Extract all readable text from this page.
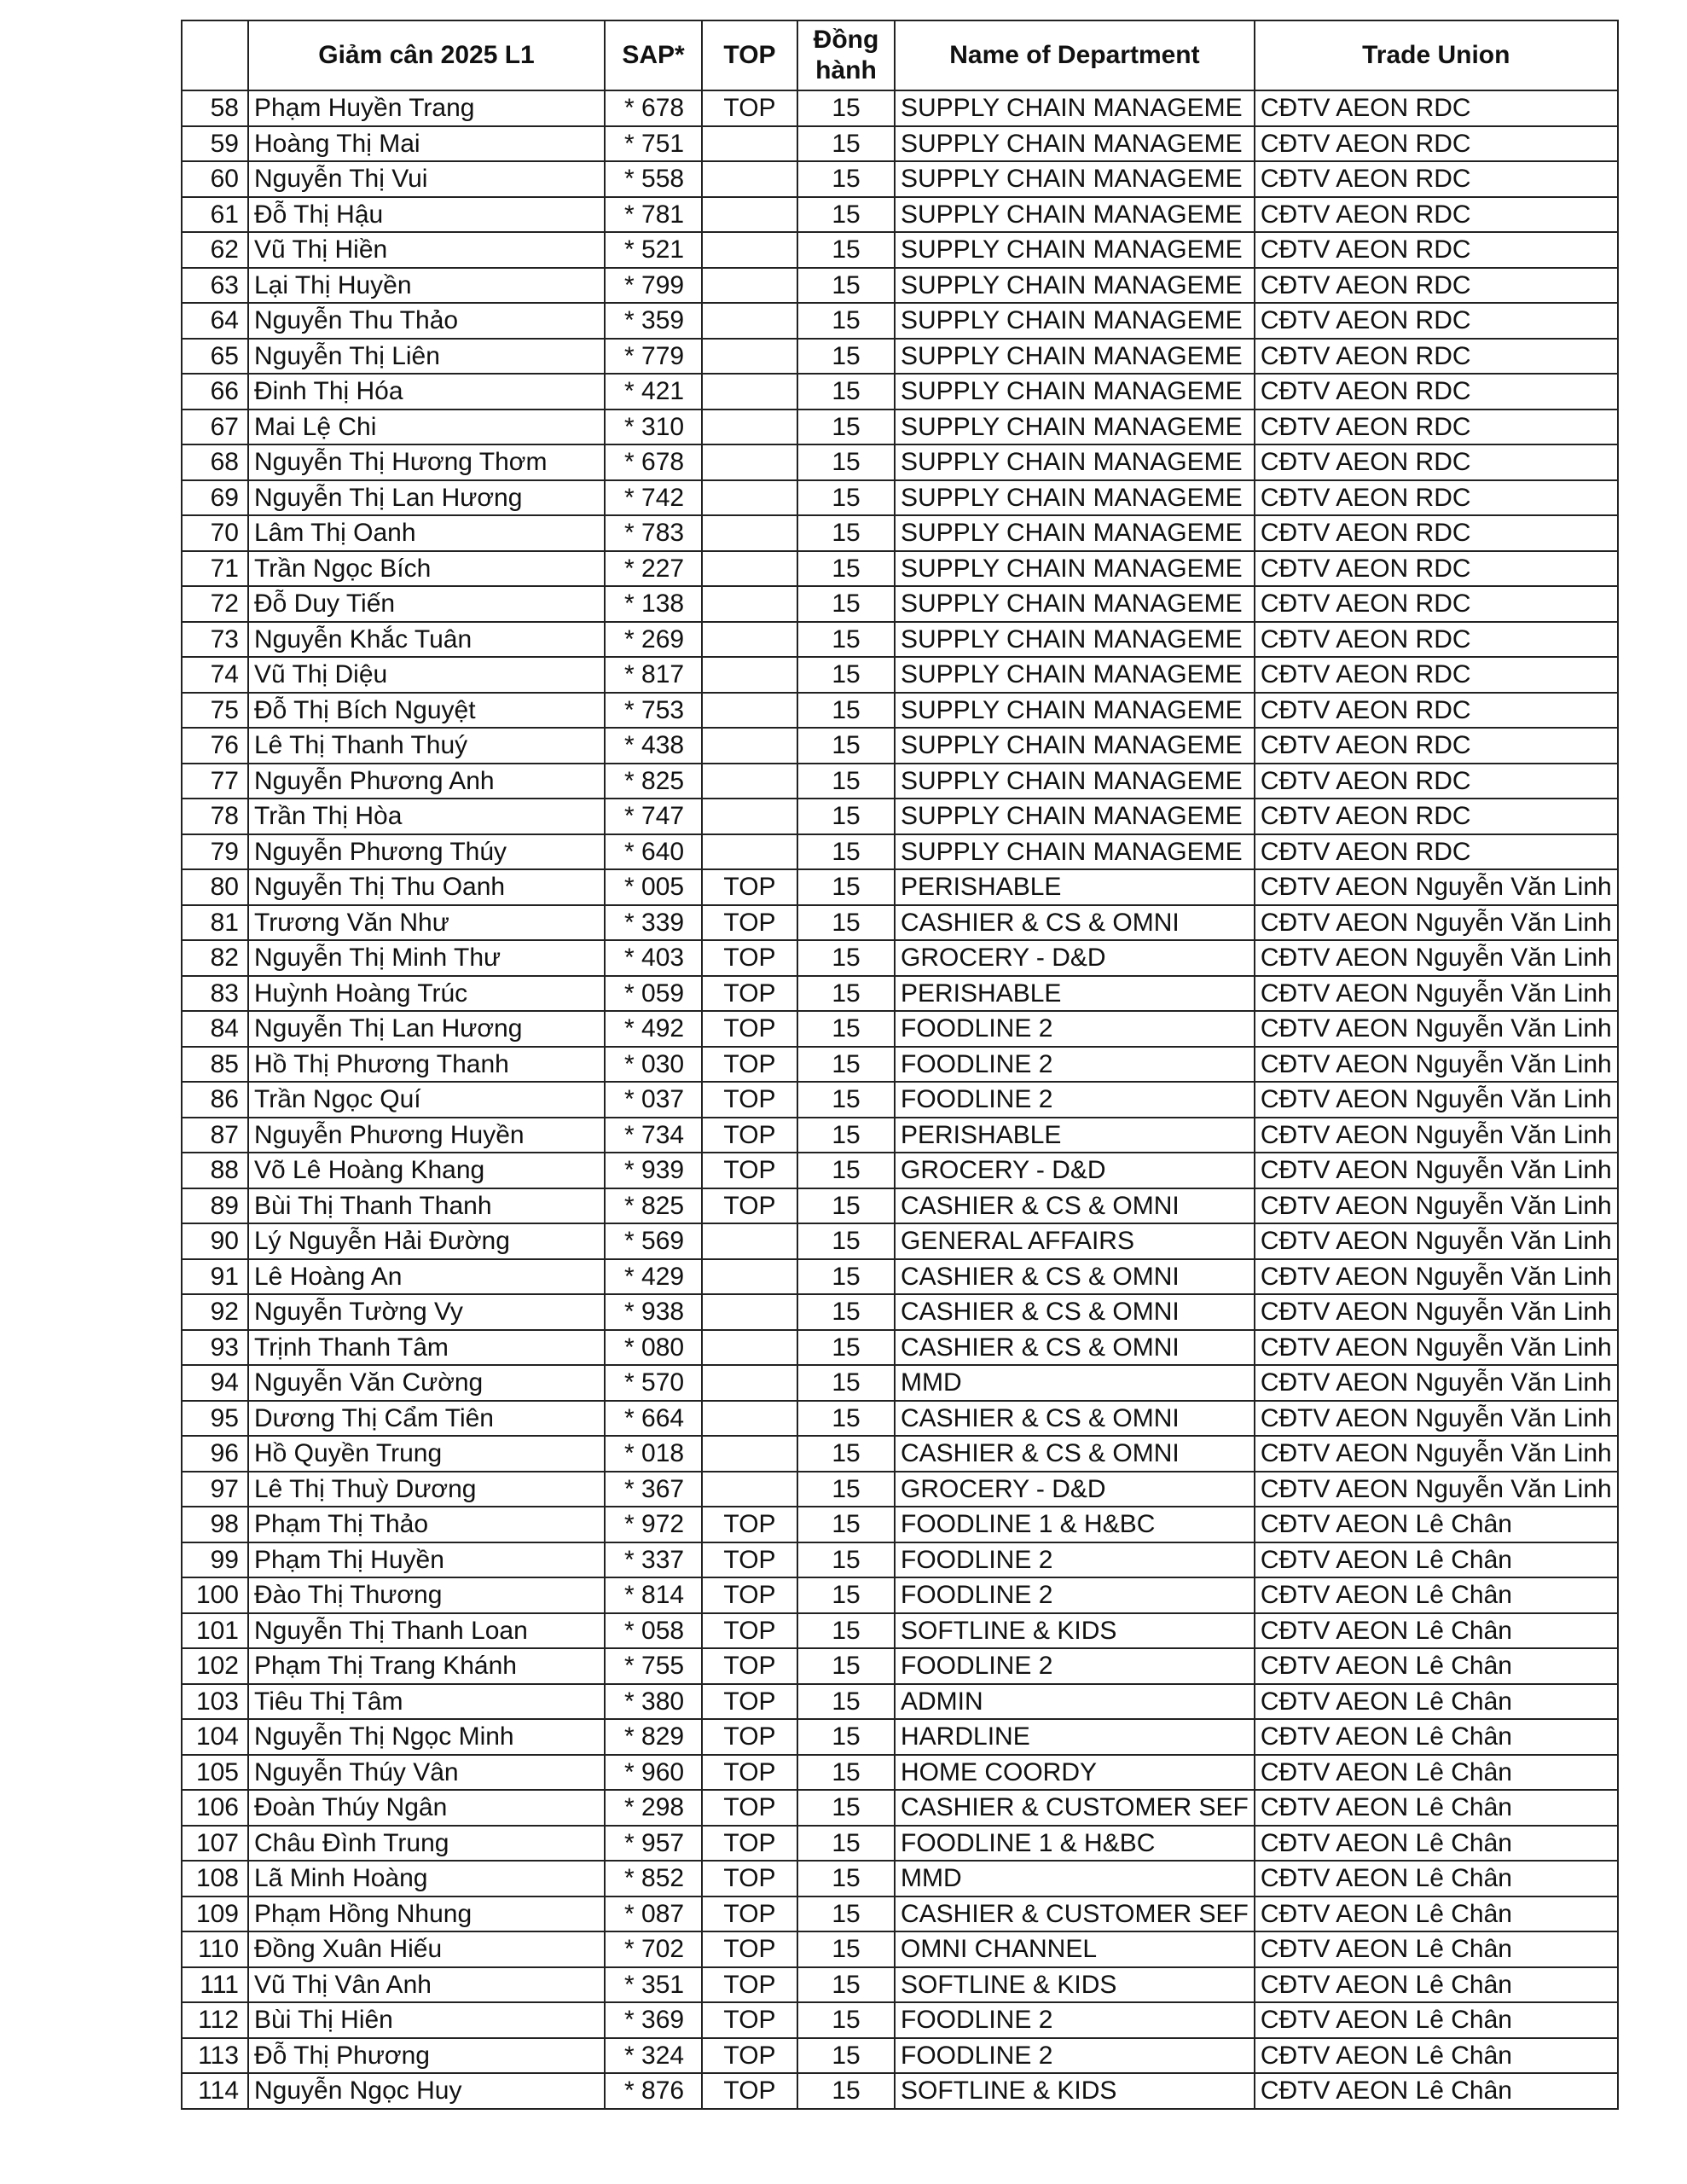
	Giảm cân 2025 L1	SAP*	TOP	Đồng hành	Name of Department	Trade Union
58	Phạm Huyền Trang	* 678	TOP	15	SUPPLY CHAIN MANAGEME	CĐTV AEON RDC
59	Hoàng Thị Mai	* 751		15	SUPPLY CHAIN MANAGEME	CĐTV AEON RDC
60	Nguyễn Thị Vui	* 558		15	SUPPLY CHAIN MANAGEME	CĐTV AEON RDC
61	Đỗ Thị Hậu	* 781		15	SUPPLY CHAIN MANAGEME	CĐTV AEON RDC
62	Vũ Thị Hiền	* 521		15	SUPPLY CHAIN MANAGEME	CĐTV AEON RDC
63	Lại Thị Huyền	* 799		15	SUPPLY CHAIN MANAGEME	CĐTV AEON RDC
64	Nguyễn Thu Thảo	* 359		15	SUPPLY CHAIN MANAGEME	CĐTV AEON RDC
65	Nguyễn Thị Liên	* 779		15	SUPPLY CHAIN MANAGEME	CĐTV AEON RDC
66	Đinh Thị Hóa	* 421		15	SUPPLY CHAIN MANAGEME	CĐTV AEON RDC
67	Mai Lệ Chi	* 310		15	SUPPLY CHAIN MANAGEME	CĐTV AEON RDC
68	Nguyễn Thị Hương Thơm	* 678		15	SUPPLY CHAIN MANAGEME	CĐTV AEON RDC
69	Nguyễn Thị Lan Hương	* 742		15	SUPPLY CHAIN MANAGEME	CĐTV AEON RDC
70	Lâm Thị Oanh	* 783		15	SUPPLY CHAIN MANAGEME	CĐTV AEON RDC
71	Trần Ngọc Bích	* 227		15	SUPPLY CHAIN MANAGEME	CĐTV AEON RDC
72	Đỗ Duy Tiến	* 138		15	SUPPLY CHAIN MANAGEME	CĐTV AEON RDC
73	Nguyễn Khắc Tuân	* 269		15	SUPPLY CHAIN MANAGEME	CĐTV AEON RDC
74	Vũ Thị Diệu	* 817		15	SUPPLY CHAIN MANAGEME	CĐTV AEON RDC
75	Đỗ Thị Bích Nguyệt	* 753		15	SUPPLY CHAIN MANAGEME	CĐTV AEON RDC
76	Lê Thị Thanh Thuý	* 438		15	SUPPLY CHAIN MANAGEME	CĐTV AEON RDC
77	Nguyễn Phương Anh	* 825		15	SUPPLY CHAIN MANAGEME	CĐTV AEON RDC
78	Trần Thị Hòa	* 747		15	SUPPLY CHAIN MANAGEME	CĐTV AEON RDC
79	Nguyễn Phương Thúy	* 640		15	SUPPLY CHAIN MANAGEME	CĐTV AEON RDC
80	Nguyễn Thị Thu Oanh	* 005	TOP	15	PERISHABLE	CĐTV AEON Nguyễn Văn Linh
81	Trương Văn Như	* 339	TOP	15	CASHIER & CS & OMNI	CĐTV AEON Nguyễn Văn Linh
82	Nguyễn Thị Minh Thư	* 403	TOP	15	GROCERY - D&D	CĐTV AEON Nguyễn Văn Linh
83	Huỳnh Hoàng Trúc	* 059	TOP	15	PERISHABLE	CĐTV AEON Nguyễn Văn Linh
84	Nguyễn Thị Lan Hương	* 492	TOP	15	FOODLINE 2	CĐTV AEON Nguyễn Văn Linh
85	Hồ Thị Phương Thanh	* 030	TOP	15	FOODLINE 2	CĐTV AEON Nguyễn Văn Linh
86	Trần Ngọc Quí	* 037	TOP	15	FOODLINE 2	CĐTV AEON Nguyễn Văn Linh
87	Nguyễn Phương Huyền	* 734	TOP	15	PERISHABLE	CĐTV AEON Nguyễn Văn Linh
88	Võ Lê Hoàng Khang	* 939	TOP	15	GROCERY - D&D	CĐTV AEON Nguyễn Văn Linh
89	Bùi Thị Thanh Thanh	* 825	TOP	15	CASHIER & CS & OMNI	CĐTV AEON Nguyễn Văn Linh
90	Lý Nguyễn Hải Đường	* 569		15	GENERAL AFFAIRS	CĐTV AEON Nguyễn Văn Linh
91	Lê Hoàng An	* 429		15	CASHIER & CS & OMNI	CĐTV AEON Nguyễn Văn Linh
92	Nguyễn Tường Vy	* 938		15	CASHIER & CS & OMNI	CĐTV AEON Nguyễn Văn Linh
93	Trịnh Thanh Tâm	* 080		15	CASHIER & CS & OMNI	CĐTV AEON Nguyễn Văn Linh
94	Nguyễn Văn Cường	* 570		15	MMD	CĐTV AEON Nguyễn Văn Linh
95	Dương Thị Cẩm Tiên	* 664		15	CASHIER & CS & OMNI	CĐTV AEON Nguyễn Văn Linh
96	Hồ Quyền Trung	* 018		15	CASHIER & CS & OMNI	CĐTV AEON Nguyễn Văn Linh
97	Lê Thị Thuỳ Dương	* 367		15	GROCERY - D&D	CĐTV AEON Nguyễn Văn Linh
98	Phạm Thị Thảo	* 972	TOP	15	FOODLINE 1 & H&BC	CĐTV AEON Lê Chân
99	Phạm Thị Huyền	* 337	TOP	15	FOODLINE 2	CĐTV AEON Lê Chân
100	Đào Thị Thương	* 814	TOP	15	FOODLINE 2	CĐTV AEON Lê Chân
101	Nguyễn Thị Thanh Loan	* 058	TOP	15	SOFTLINE & KIDS	CĐTV AEON Lê Chân
102	Phạm Thị Trang Khánh	* 755	TOP	15	FOODLINE 2	CĐTV AEON Lê Chân
103	Tiêu Thị Tâm	* 380	TOP	15	ADMIN	CĐTV AEON Lê Chân
104	Nguyễn Thị Ngọc Minh	* 829	TOP	15	HARDLINE	CĐTV AEON Lê Chân
105	Nguyễn Thúy Vân	* 960	TOP	15	HOME COORDY	CĐTV AEON Lê Chân
106	Đoàn Thúy Ngân	* 298	TOP	15	CASHIER & CUSTOMER SEF	CĐTV AEON Lê Chân
107	Châu Đình Trung	* 957	TOP	15	FOODLINE 1 & H&BC	CĐTV AEON Lê Chân
108	Lã Minh Hoàng	* 852	TOP	15	MMD	CĐTV AEON Lê Chân
109	Phạm Hồng Nhung	* 087	TOP	15	CASHIER & CUSTOMER SEF	CĐTV AEON Lê Chân
110	Đồng Xuân Hiếu	* 702	TOP	15	OMNI CHANNEL	CĐTV AEON Lê Chân
111	Vũ Thị Vân Anh	* 351	TOP	15	SOFTLINE & KIDS	CĐTV AEON Lê Chân
112	Bùi Thị Hiên	* 369	TOP	15	FOODLINE 2	CĐTV AEON Lê Chân
113	Đỗ Thị Phương	* 324	TOP	15	FOODLINE 2	CĐTV AEON Lê Chân
114	Nguyễn Ngọc Huy	* 876	TOP	15	SOFTLINE & KIDS	CĐTV AEON Lê Chân
